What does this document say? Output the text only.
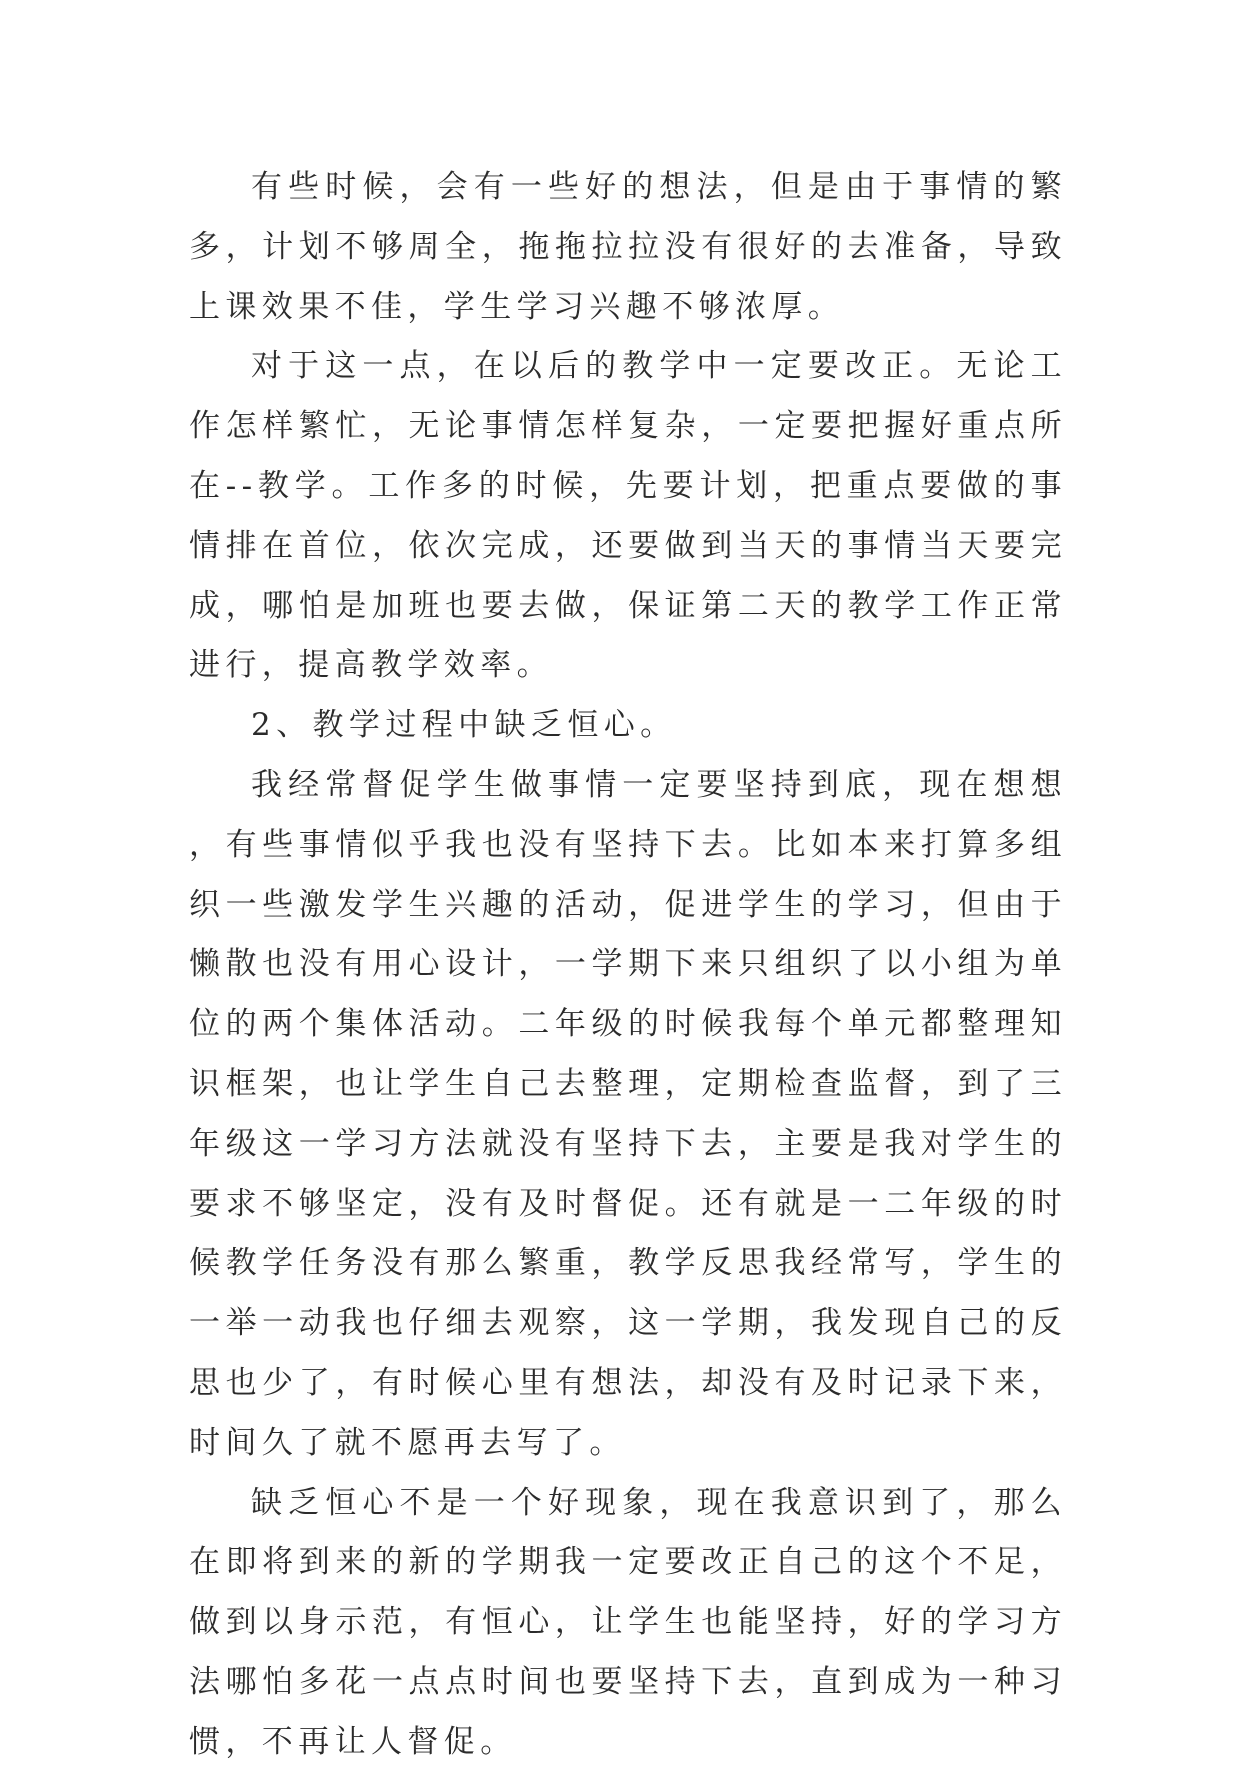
有些时候，会有一些好的想法，但是由于事情的繁多，计划不够周全，拖拖拉拉没有很好的去准备，导致上课效果不佳，学生学习兴趣不够浓厚。

对于这一点，在以后的教学中一定要改正。无论工作怎样繁忙，无论事情怎样复杂，一定要把握好重点所在--教学。工作多的时候，先要计划，把重点要做的事情排在首位，依次完成，还要做到当天的事情当天要完成，哪怕是加班也要去做，保证第二天的教学工作正常进行，提高教学效率。

2、教学过程中缺乏恒心。

我经常督促学生做事情一定要坚持到底，现在想想，有些事情似乎我也没有坚持下去。比如本来打算多组织一些激发学生兴趣的活动，促进学生的学习，但由于懒散也没有用心设计，一学期下来只组织了以小组为单位的两个集体活动。二年级的时候我每个单元都整理知识框架，也让学生自己去整理，定期检查监督，到了三年级这一学习方法就没有坚持下去，主要是我对学生的要求不够坚定，没有及时督促。还有就是一二年级的时候教学任务没有那么繁重，教学反思我经常写，学生的一举一动我也仔细去观察，这一学期，我发现自己的反思也少了，有时候心里有想法，却没有及时记录下来，时间久了就不愿再去写了。

缺乏恒心不是一个好现象，现在我意识到了，那么在即将到来的新的学期我一定要改正自己的这个不足，做到以身示范，有恒心，让学生也能坚持，好的学习方法哪怕多花一点点时间也要坚持下去，直到成为一种习惯，不再让人督促。
